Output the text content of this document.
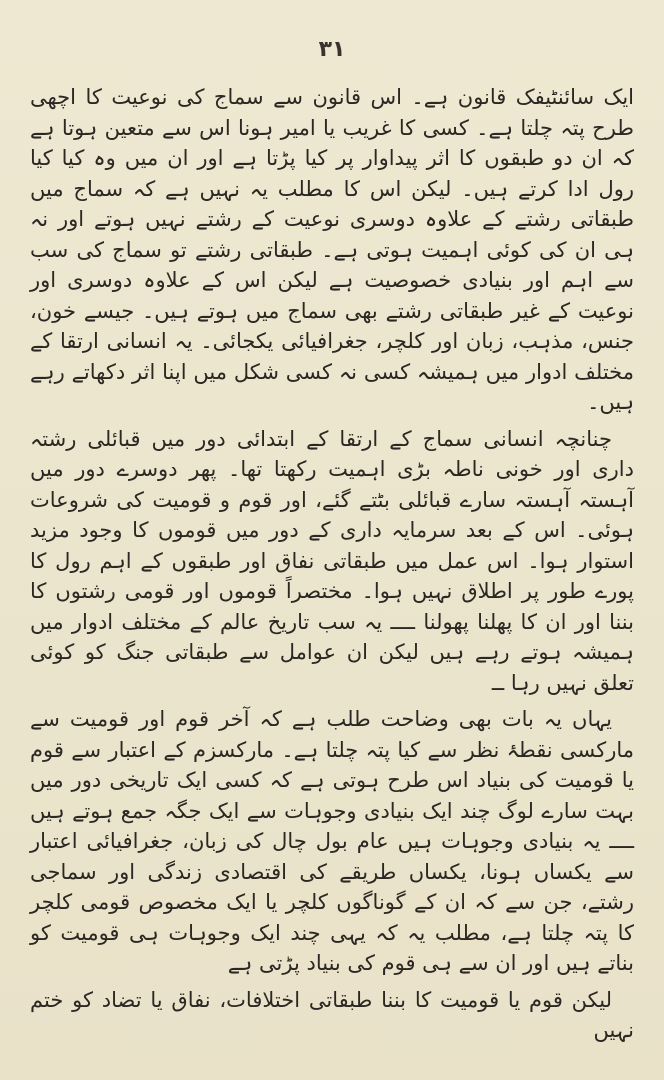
۳۱

ایک سائنٹیفک قانون ہے۔ اس قانون سے سماج کی نوعیت کا اچھی طرح پتہ چلتا ہے۔ کسی کا غریب یا امیر ہونا اس سے متعین ہوتا ہے کہ ان دو طبقوں کا اثر پیداوار پر کیا پڑتا ہے اور ان میں وہ کیا کیا رول ادا کرتے ہیں۔ لیکن اس کا مطلب یہ نہیں ہے کہ سماج میں طبقاتی رشتے کے علاوہ دوسری نوعیت کے رشتے نہیں ہوتے اور نہ ہی ان کی کوئی اہمیت ہوتی ہے۔ طبقاتی رشتے تو سماج کی سب سے اہم اور بنیادی خصوصیت ہے لیکن اس کے علاوہ دوسری اور نوعیت کے غیر طبقاتی رشتے بھی سماج میں ہوتے ہیں۔ جیسے خون، جنس، مذہب، زبان اور کلچر، جغرافیائی یکجائی۔ یہ انسانی ارتقا کے مختلف ادوار میں ہمیشہ کسی نہ کسی شکل میں اپنا اثر دکھاتے رہے ہیں۔

چنانچہ انسانی سماج کے ارتقا کے ابتدائی دور میں قبائلی رشتہ داری اور خونی ناطہ بڑی اہمیت رکھتا تھا۔ پھر دوسرے دور میں آہستہ آہستہ سارے قبائلی بٹتے گئے، اور قوم و قومیت کی شروعات ہوئی۔ اس کے بعد سرمایہ داری کے دور میں قوموں کا وجود مزید استوار ہوا۔ اس عمل میں طبقاتی نفاق اور طبقوں کے اہم رول کا پورے طور پر اطلاق نہیں ہوا۔ مختصراً قوموں اور قومی رشتوں کا بننا اور ان کا پھلنا پھولنا ــــ یہ سب تاریخ عالم کے مختلف ادوار میں ہمیشہ ہوتے رہے ہیں لیکن ان عوامل سے طبقاتی جنگ کو کوئی تعلق نہیں رہا ــ

یہاں یہ بات بھی وضاحت طلب ہے کہ آخر قوم اور قومیت سے مارکسی نقطۂ نظر سے کیا پتہ چلتا ہے۔ مارکسزم کے اعتبار سے قوم یا قومیت کی بنیاد اس طرح ہوتی ہے کہ کسی ایک تاریخی دور میں بہت سارے لوگ چند ایک بنیادی وجوہات سے ایک جگہ جمع ہوتے ہیں ــــ یہ بنیادی وجوہات ہیں عام بول چال کی زبان، جغرافیائی اعتبار سے یکساں ہونا، یکساں طریقے کی اقتصادی زندگی اور سماجی رشتے، جن سے کہ ان کے گوناگوں کلچر یا ایک مخصوص قومی کلچر کا پتہ چلتا ہے، مطلب یہ کہ یہی چند ایک وجوہات ہی قومیت کو بناتے ہیں اور ان سے ہی قوم کی بنیاد پڑتی ہے

لیکن قوم یا قومیت کا بننا طبقاتی اختلافات، نفاق یا تضاد کو ختم نہیں
